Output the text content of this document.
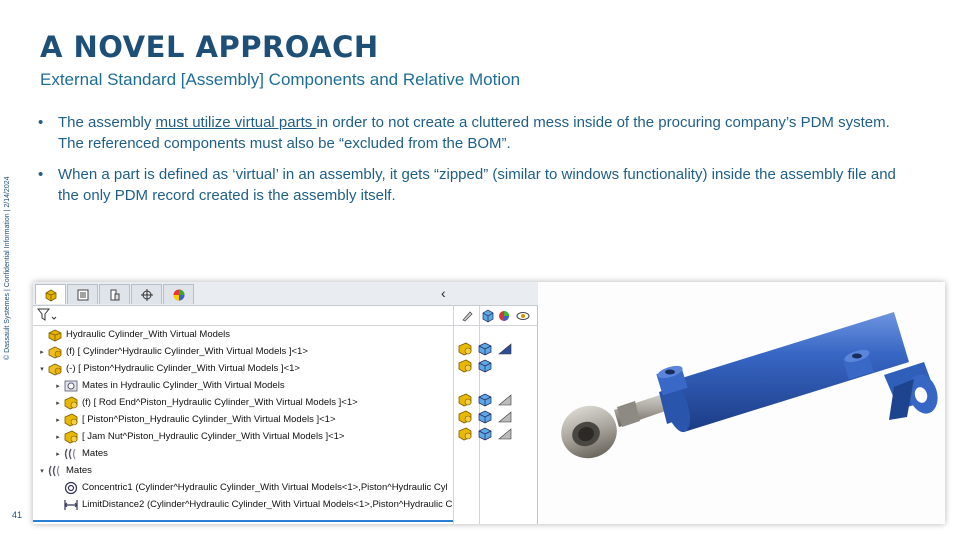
© Dassault Systemes | Confidential Information | 2/14/2024
A NOVEL APPROACH
External Standard [Assembly] Components and Relative Motion
• The assembly must utilize virtual parts in order to not create a cluttered mess inside of the procuring company’s PDM system. The referenced components must also be “excluded from the BOM”.
• When a part is defined as ‘virtual’ in an assembly, it gets “zipped” (similar to windows functionality) inside the assembly file and the only PDM record created is the assembly itself.
41
‹
Hydraulic Cylinder_With Virtual Models
▸	(f) [ Cylinder^Hydraulic Cylinder_With Virtual Models ]<1>
▾	(-) [ Piston^Hydraulic Cylinder_With Virtual Models ]<1>
▸	Mates in Hydraulic Cylinder_With Virtual Models
▸	(f) [ Rod End^Piston_Hydraulic Cylinder_With Virtual Models ]<1>
▸	[ Piston^Piston_Hydraulic Cylinder_With Virtual Models ]<1>
▸	[ Jam Nut^Piston_Hydraulic Cylinder_With Virtual Models ]<1>
▸	Mates
▾	Mates
Concentric1 (Cylinder^Hydraulic Cylinder_With Virtual Models<1>,Piston^Hydraulic Cyl
LimitDistance2 (Cylinder^Hydraulic Cylinder_With Virtual Models<1>,Piston^Hydraulic C
